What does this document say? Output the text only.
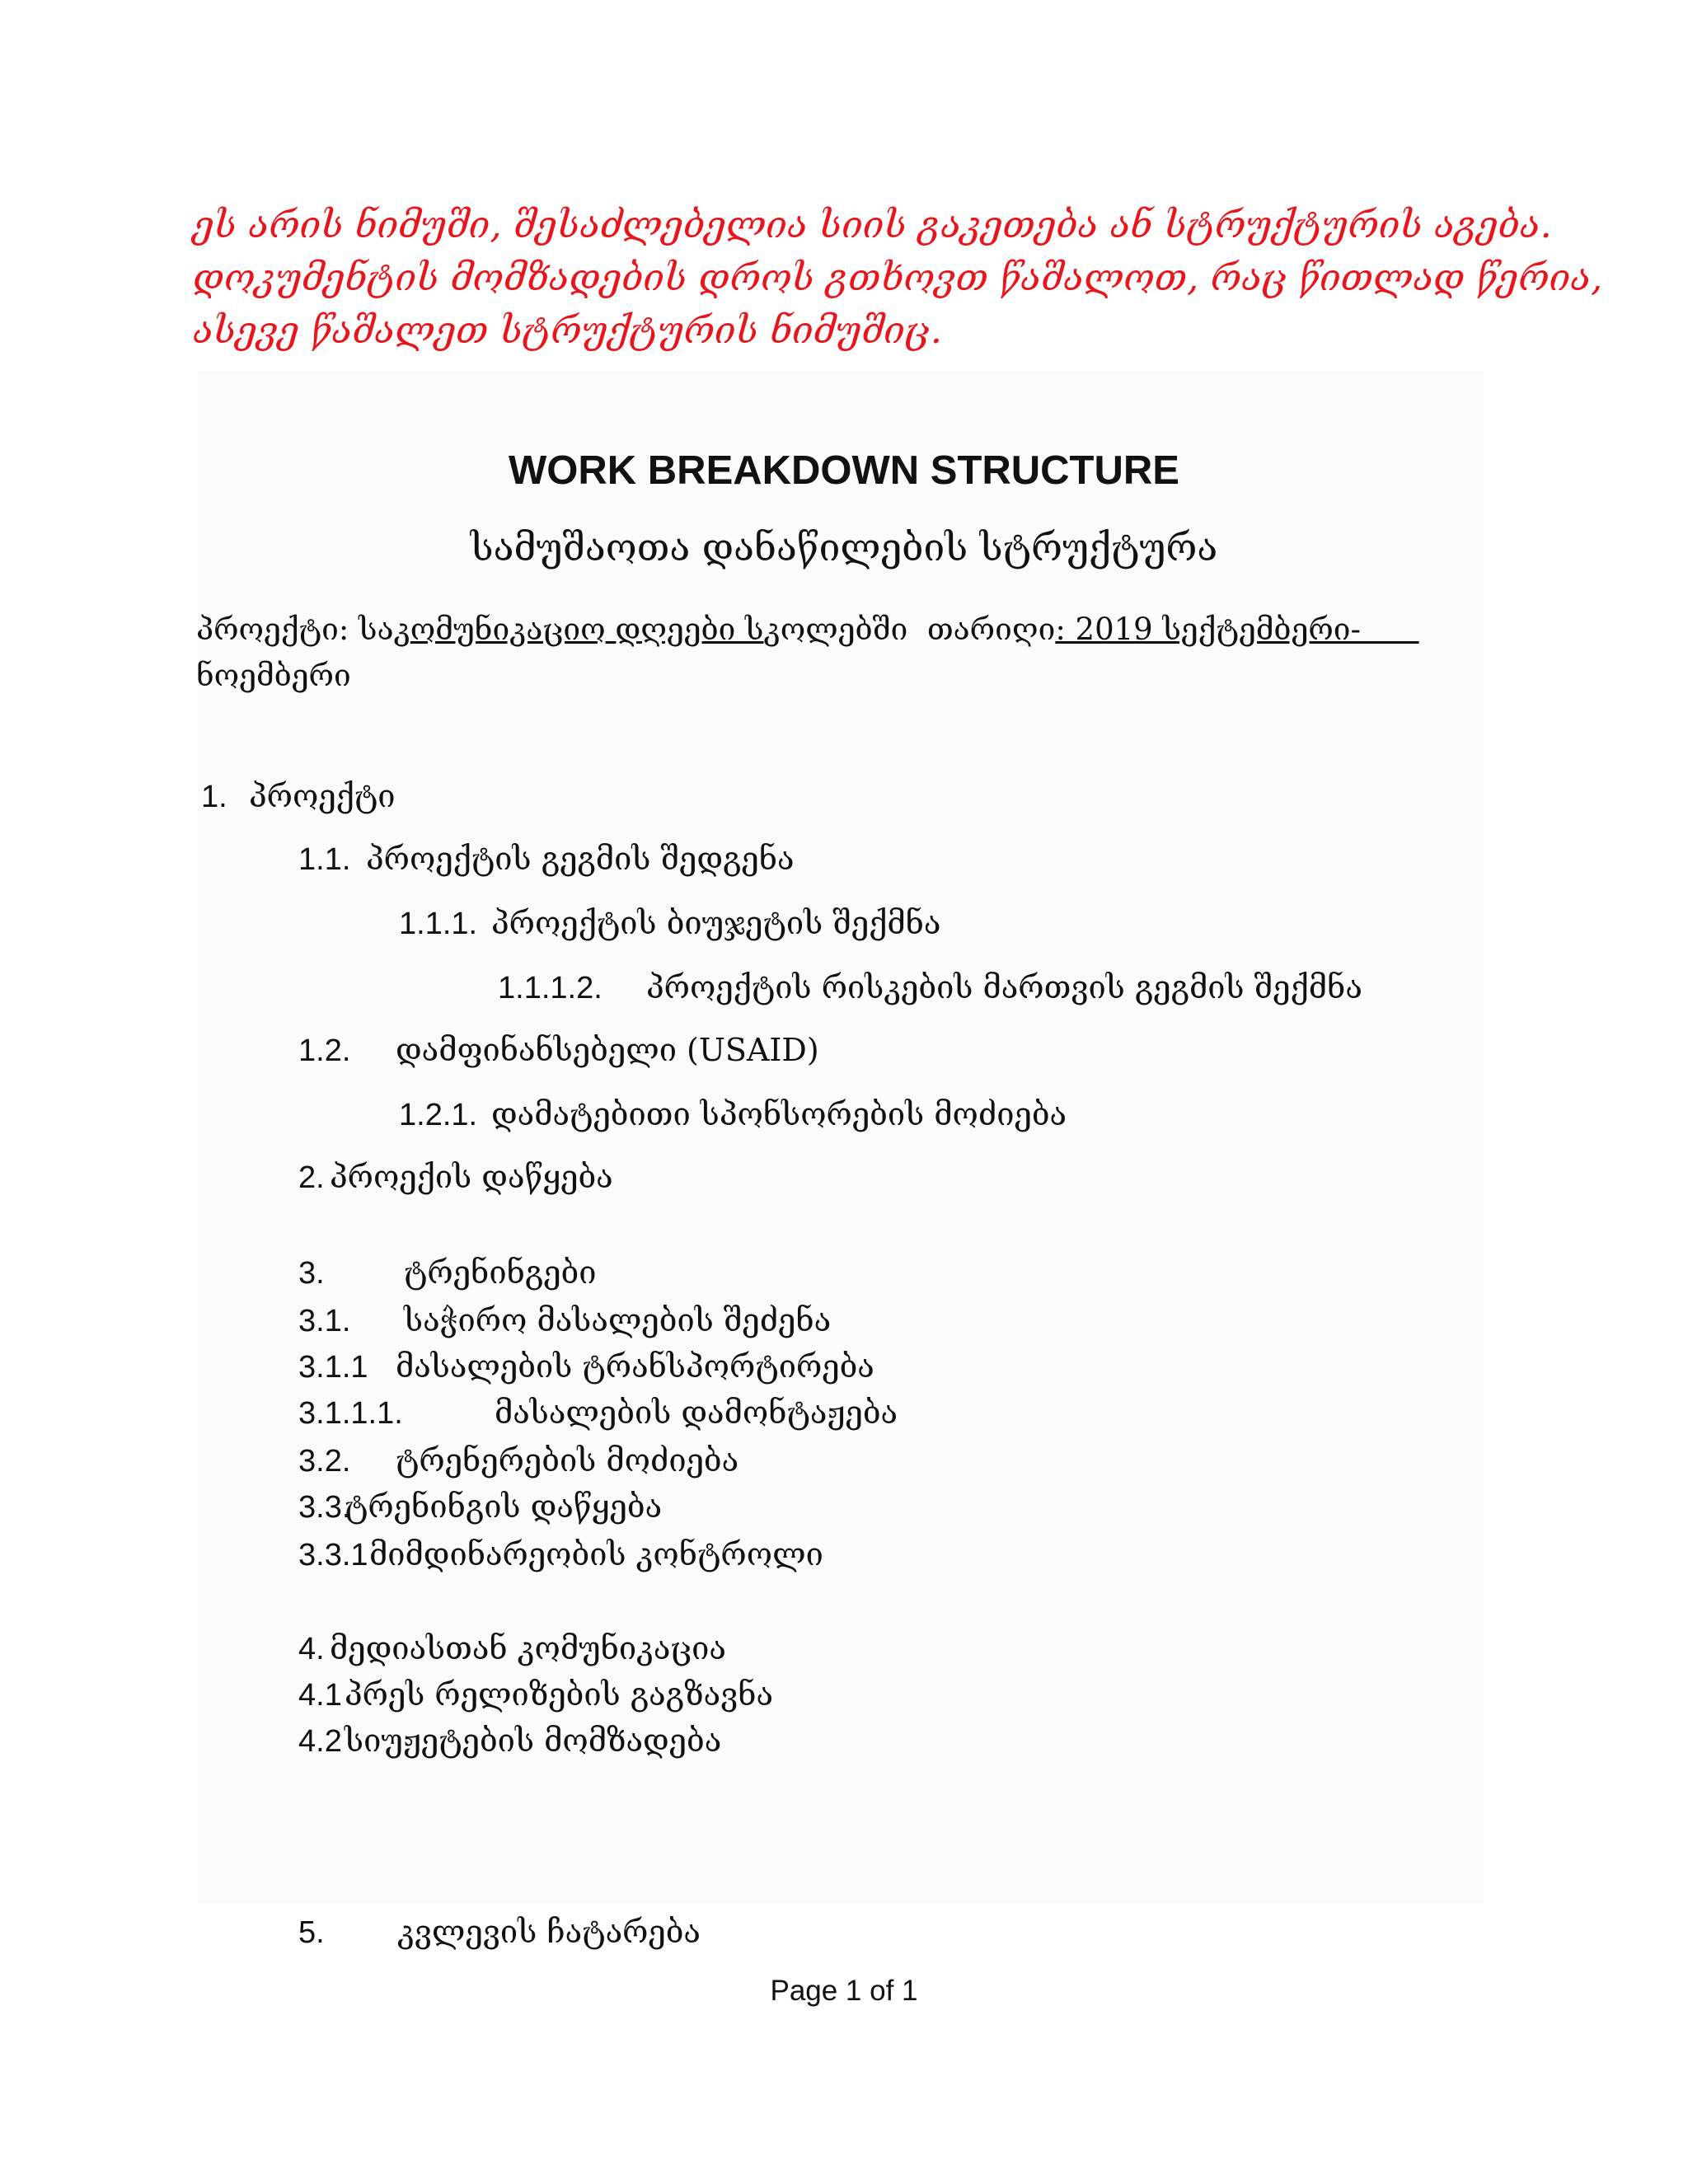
ეს არის ნიმუში, შესაძლებელია სიის გაკეთება ან სტრუქტურის აგება.
დოკუმენტის მომზადების დროს გთხოვთ წაშალოთ, რაც წითლად წერია,
ასევე წაშალეთ სტრუქტურის ნიმუშიც.
WORK BREAKDOWN STRUCTURE
სამუშაოთა დანაწილების სტრუქტურა
პროექტი: საკომუნიკაციო დღეები სკოლებში  თარიღი: 2019 სექტემბერი-
ნოემბერი
1. პროექტი
1.1. პროექტის გეგმის შედგენა
1.1.1. პროექტის ბიუჯეტის შექმნა
1.1.1.2. პროექტის რისკების მართვის გეგმის შექმნა
1.2. დამფინანსებელი (USAID)
1.2.1. დამატებითი სპონსორების მოძიება
2. პროექის დაწყება
3.	ტრენინგები
3.1. საჭირო მასალების შეძენა
3.1.1 მასალების ტრანსპორტირება
3.1.1.1.	მასალების დამონტაჟება
3.2. ტრენერების მოძიება
3.3.ტრენინგის დაწყება
3.3.1მიმდინარეობის კონტროლი
4. მედიასთან კომუნიკაცია
4.1პრეს რელიზების გაგზავნა
4.2სიუჟეტების მომზადება
5. კვლევის ჩატარება
Page 1 of 1
